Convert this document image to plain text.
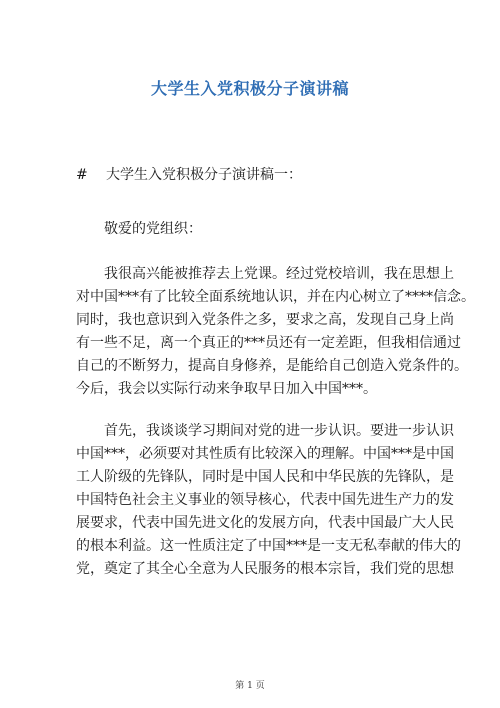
大学生入党积极分子演讲稿
# 大学生入党积极分子演讲稿一：
敬爱的党组织：
我很高兴能被推荐去上党课。经过党校培训，我在思想上
对中国***有了比较全面系统地认识，并在内心树立了****信念。
同时，我也意识到入党条件之多，要求之高，发现自己身上尚
有一些不足，离一个真正的***员还有一定差距，但我相信通过
自己的不断努力，提高自身修养，是能给自己创造入党条件的。
今后，我会以实际行动来争取早日加入中国***。
首先，我谈谈学习期间对党的进一步认识。要进一步认识
中国***，必须要对其性质有比较深入的理解。中国***是中国
工人阶级的先锋队，同时是中国人民和中华民族的先锋队，是
中国特色社会主义事业的领导核心，代表中国先进生产力的发
展要求，代表中国先进文化的发展方向，代表中国最广大人民
的根本利益。这一性质注定了中国***是一支无私奉献的伟大的
党，奠定了其全心全意为人民服务的根本宗旨，我们党的思想
第 1 页
